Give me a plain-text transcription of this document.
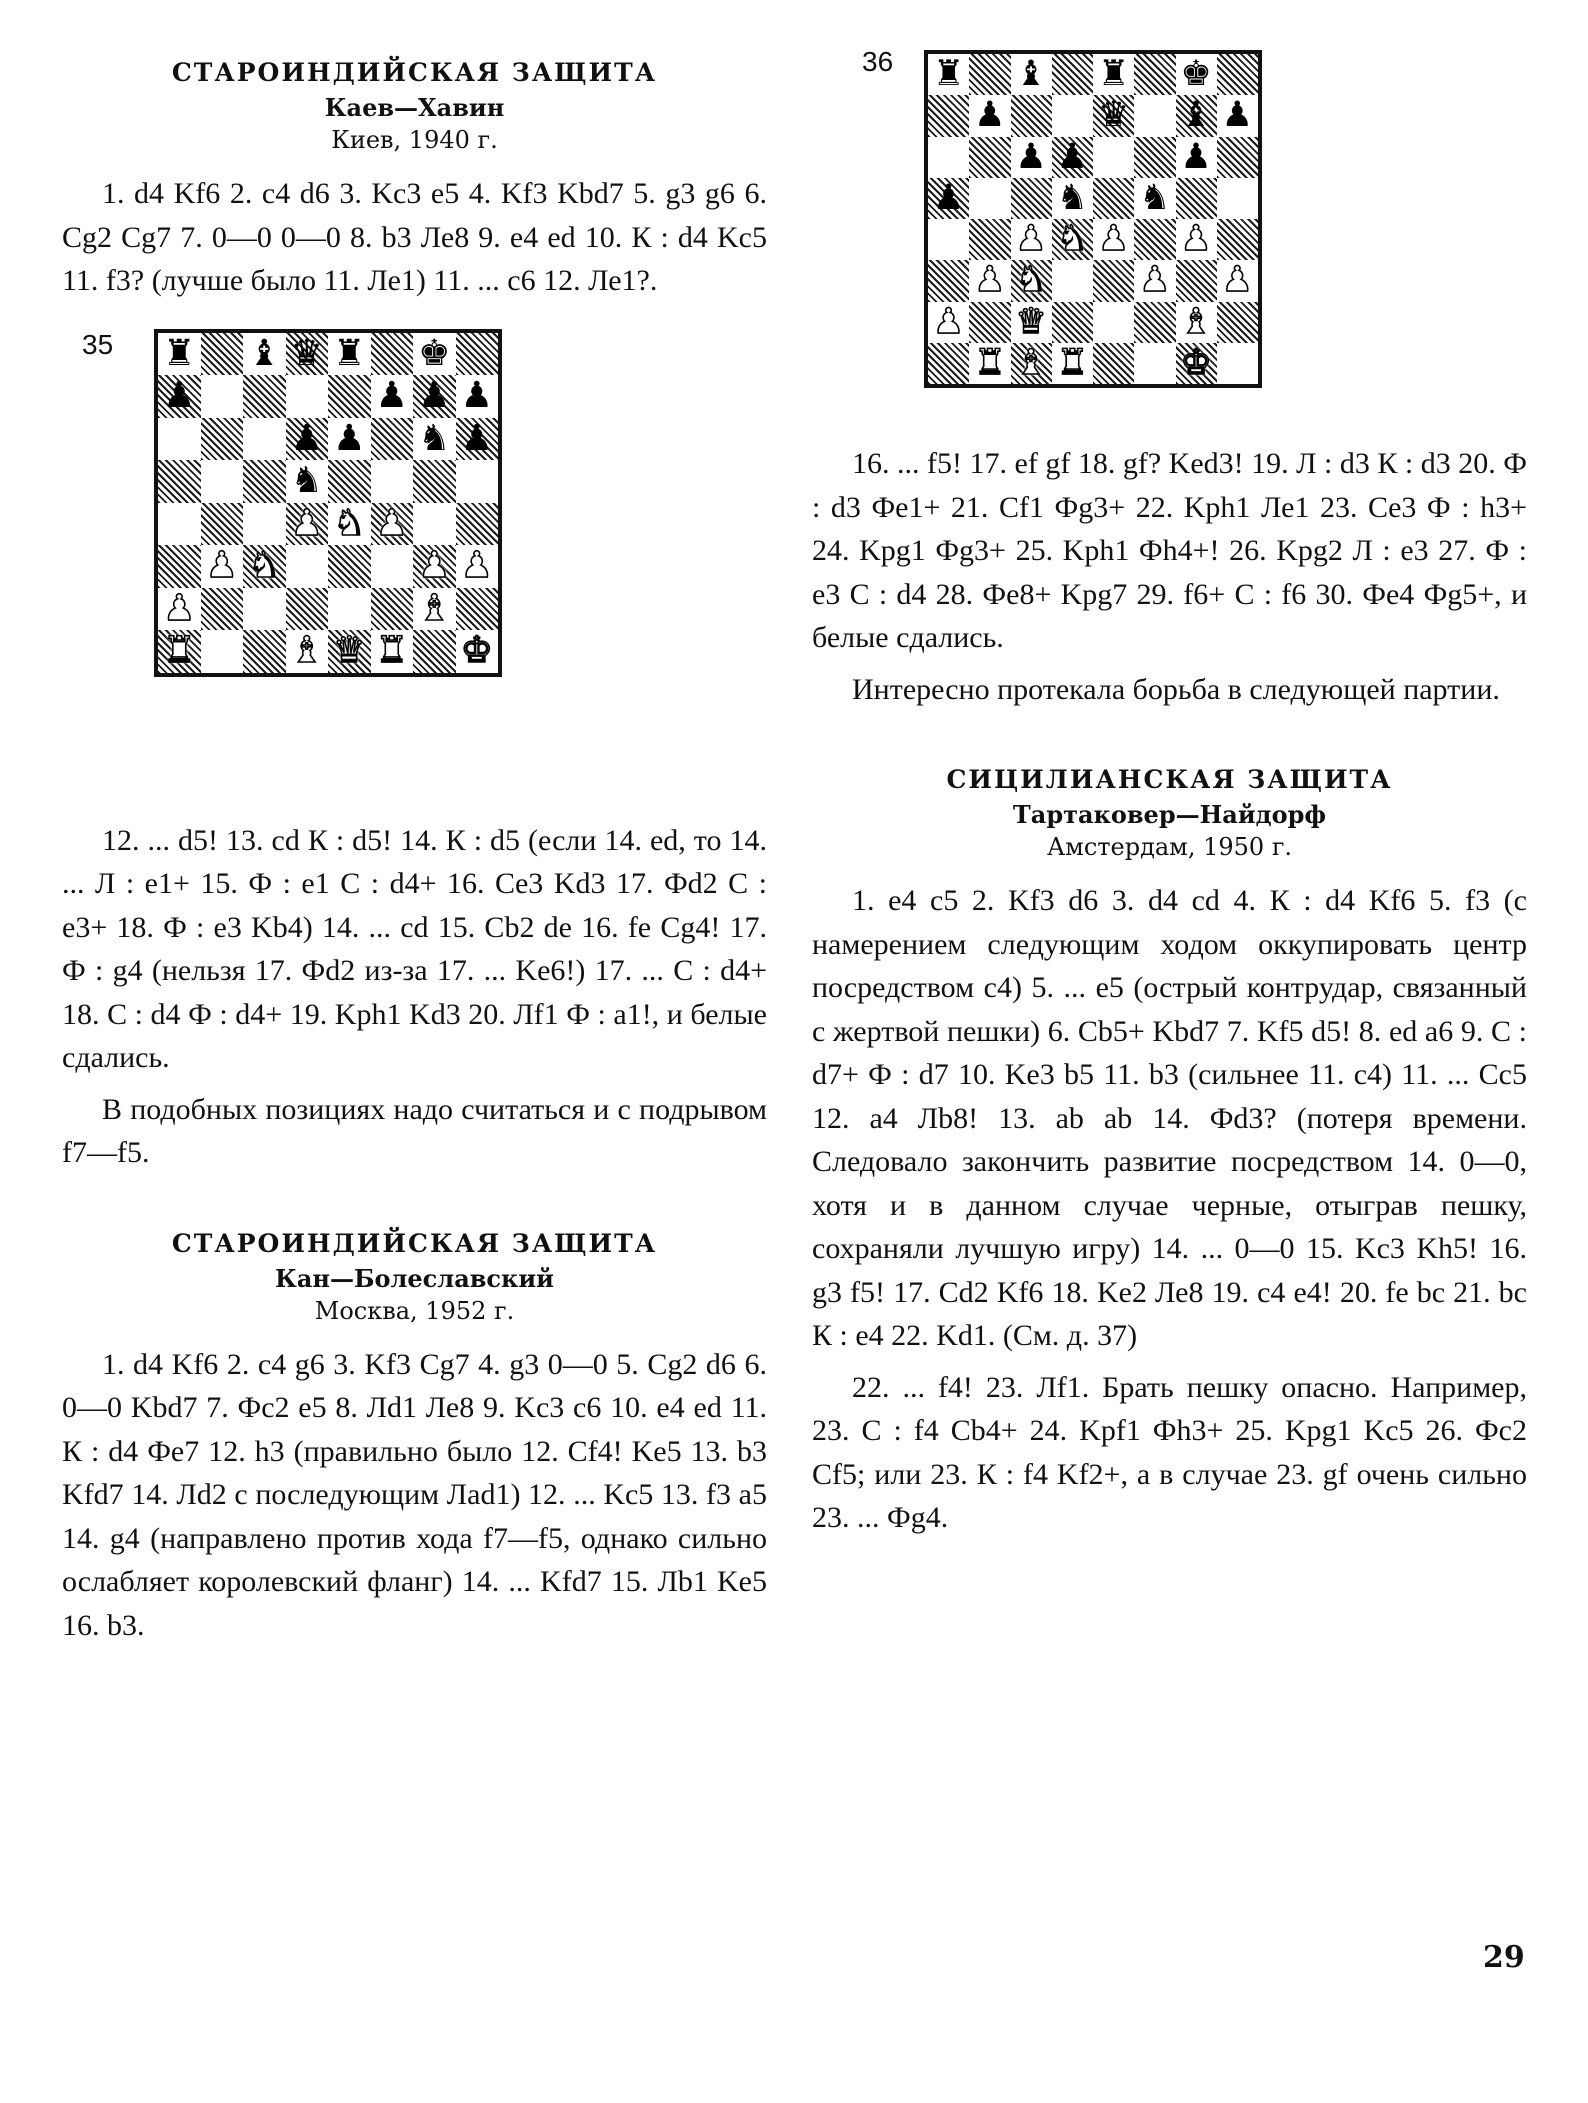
СТАРОИНДИЙСКАЯ ЗАЩИТА
Каев—Хавин
Киев, 1940 г.

1. d4 Kf6 2. c4 d6 3. Kc3 e5 4. Kf3 Kbd7 5. g3 g6 6. Cg2 Cg7 7. 0—0 0—0 8. b3 Ле8 9. e4 ed 10. К : d4 Kc5 11. f3? (лучше было 11. Ле1) 11. ... c6 12. Ле1?.

35 ♜ ♝ ♛ ♜ ♚
♟	♟ ♟ ♟
♟ ♟ ♞ ♟
♞
♟ ♞ ♟
♟ ♞	♟ ♟
♟	♝
♜	♝ ♛ ♜ ♚

12. ... d5! 13. cd К : d5! 14. К : d5 (если 14. ed, то 14. ... Л : e1+ 15. Ф : e1 C : d4+ 16. Ce3 Kd3 17. Фd2 C : e3+ 18. Ф : e3 Kb4) 14. ... cd 15. Cb2 de 16. fe Cg4! 17. Ф : g4 (нельзя 17. Фd2 из-за 17. ... Ke6!) 17. ... C : d4+ 18. C : d4 Ф : d4+ 19. Kph1 Kd3 20. Лf1 Ф : a1!, и белые сдались.

В подобных позициях надо считаться и с подрывом f7—f5.

СТАРОИНДИЙСКАЯ ЗАЩИТА
Кан—Болеславский
Москва, 1952 г.

1. d4 Kf6 2. c4 g6 3. Kf3 Cg7 4. g3 0—0 5. Cg2 d6 6. 0—0 Kbd7 7. Фc2 e5 8. Лd1 Ле8 9. Kc3 c6 10. e4 ed 11. К : d4 Фe7 12. h3 (правильно было 12. Cf4! Ke5 13. b3 Kfd7 14. Лd2 с последующим Лad1) 12. ... Kc5 13. f3 a5 14. g4 (направлено против хода f7—f5, однако сильно ослабляет королевский фланг) 14. ... Kfd7 15. Лb1 Ke5 16. b3.

36 ♜ ♝ ♜ ♚
♟	♛ ♝ ♟
♟ ♟	♟
♟	♞ ♞
♟ ♞ ♟ ♟
♟ ♞	♟ ♟
♟ ♛	♝
♜ ♝ ♜	♚

16. ... f5! 17. ef gf 18. gf? Ked3! 19. Л : d3 К : d3 20. Ф : d3 Фe1+ 21. Cf1 Фg3+ 22. Kph1 Ле1 23. Ce3 Ф : h3+ 24. Kpg1 Фg3+ 25. Kph1 Фh4+! 26. Kpg2 Л : e3 27. Ф : e3 C : d4 28. Фe8+ Kpg7 29. f6+ C : f6 30. Фe4 Фg5+, и белые сдались.

Интересно протекала борьба в следующей партии.

СИЦИЛИАНСКАЯ ЗАЩИТА
Тартаковер—Найдорф
Амстердам, 1950 г.

1. e4 c5 2. Kf3 d6 3. d4 cd 4. К : d4 Kf6 5. f3 (с намерением следующим ходом оккупировать центр посредством c4) 5. ... e5 (острый контрудар, связанный с жертвой пешки) 6. Cb5+ Kbd7 7. Kf5 d5! 8. ed a6 9. C : d7+ Ф : d7 10. Ke3 b5 11. b3 (сильнее 11. c4) 11. ... Cc5 12. a4 Лb8! 13. ab ab 14. Фd3? (потеря времени. Следовало закончить развитие посредством 14. 0—0, хотя и в данном случае черные, отыграв пешку, сохраняли лучшую игру) 14. ... 0—0 15. Kc3 Kh5! 16. g3 f5! 17. Cd2 Kf6 18. Ke2 Ле8 19. c4 e4! 20. fe bc 21. bc К : e4 22. Kd1. (См. д. 37)

22. ... f4! 23. Лf1. Брать пешку опасно. Например, 23. C : f4 Cb4+ 24. Kpf1 Фh3+ 25. Kpg1 Kc5 26. Фc2 Cf5; или 23. К : f4 Kf2+, а в случае 23. gf очень сильно 23. ... Фg4.

29
